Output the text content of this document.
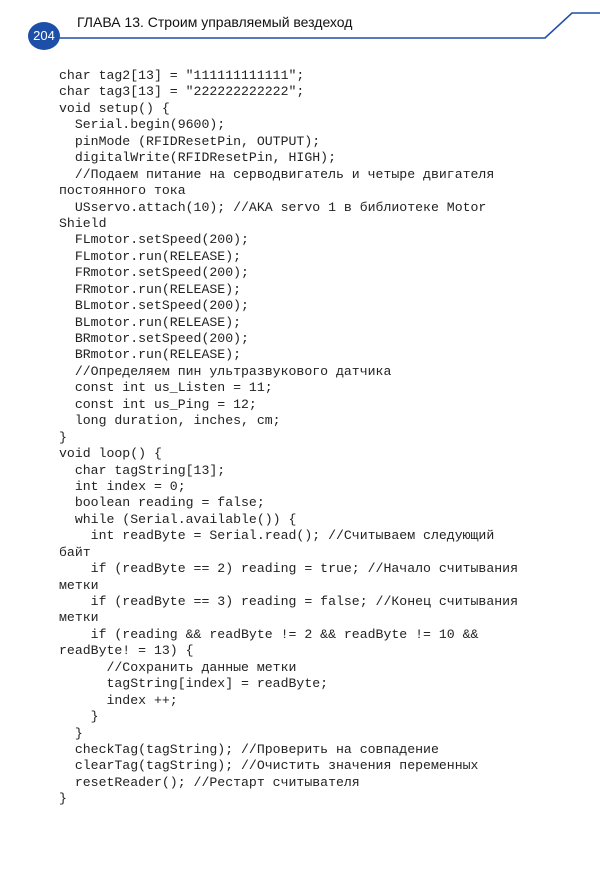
204
ГЛАВА 13. Строим управляемый вездеход
char tag2[13] = "111111111111";
char tag3[13] = "222222222222";
void setup() {
Serial.begin(9600);
pinMode (RFIDResetPin, OUTPUT);
digitalWrite(RFIDResetPin, HIGH);
//Подаем питание на серводвигатель и четыре двигателя
постоянного тока
USservo.attach(10); //AKA servo 1 в библиотеке Motor
Shield
FLmotor.setSpeed(200);
FLmotor.run(RELEASE);
FRmotor.setSpeed(200);
FRmotor.run(RELEASE);
BLmotor.setSpeed(200);
BLmotor.run(RELEASE);
BRmotor.setSpeed(200);
BRmotor.run(RELEASE);
//Определяем пин ультразвукового датчика
const int us_Listen = 11;
const int us_Ping = 12;
long duration, inches, cm;
}
void loop() {
char tagString[13];
int index = 0;
boolean reading = false;
while (Serial.available()) {
int readByte = Serial.read(); //Считываем следующий
байт
if (readByte == 2) reading = true; //Начало считывания
метки
if (readByte == 3) reading = false; //Конец считывания
метки
if (reading && readByte != 2 && readByte != 10 &&
readByte! = 13) {
//Сохранить данные метки
tagString[index] = readByte;
index ++;
}
}
checkTag(tagString); //Проверить на совпадение
clearTag(tagString); //Очистить значения переменных
resetReader(); //Рестарт считывателя
}
